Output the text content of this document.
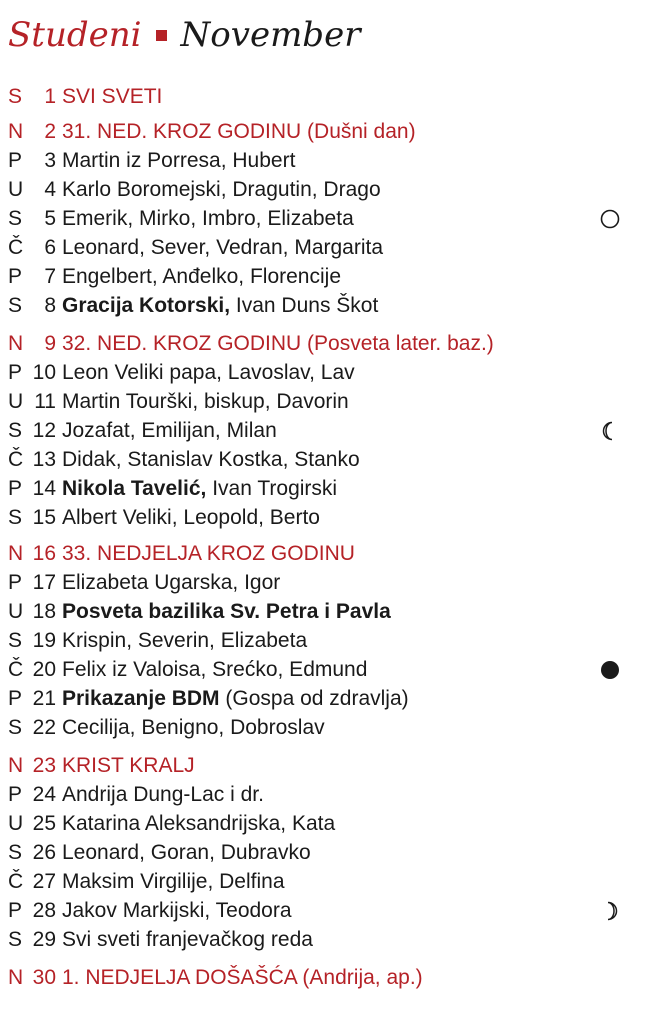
Studeni November
S	1 SVI SVETI
N	2 31. NED. KROZ GODINU (Dušni dan)
P	3 Martin iz Porresa, Hubert
U	4 Karlo Boromejski, Dragutin, Drago
S	5 Emerik, Mirko, Imbro, Elizabeta
Č	6 Leonard, Sever, Vedran, Margarita
P	7 Engelbert, Anđelko, Florencije
S	8 Gracija Kotorski, Ivan Duns Škot
N	9 32. NED. KROZ GODINU (Posveta later. baz.)
P 10 Leon Veliki papa, Lavoslav, Lav
U 11 Martin Tourški, biskup, Davorin
S 12 Jozafat, Emilijan, Milan
Č 13 Didak, Stanislav Kostka, Stanko
P 14 Nikola Tavelić, Ivan Trogirski
S 15 Albert Veliki, Leopold, Berto
N 16 33. NEDJELJA KROZ GODINU
P 17 Elizabeta Ugarska, Igor
U 18 Posveta bazilika Sv. Petra i Pavla
S 19 Krispin, Severin, Elizabeta
Č 20 Felix iz Valoisa, Srećko, Edmund
P 21 Prikazanje BDM (Gospa od zdravlja)
S 22 Cecilija, Benigno, Dobroslav
N 23 KRIST KRALJ
P 24 Andrija Dung-Lac i dr.
U 25 Katarina Aleksandrijska, Kata
S 26 Leonard, Goran, Dubravko
Č 27 Maksim Virgilije, Delfina
P 28 Jakov Markijski, Teodora
S 29 Svi sveti franjevačkog reda
N 30 1. NEDJELJA DOŠAŠĆA (Andrija, ap.)
